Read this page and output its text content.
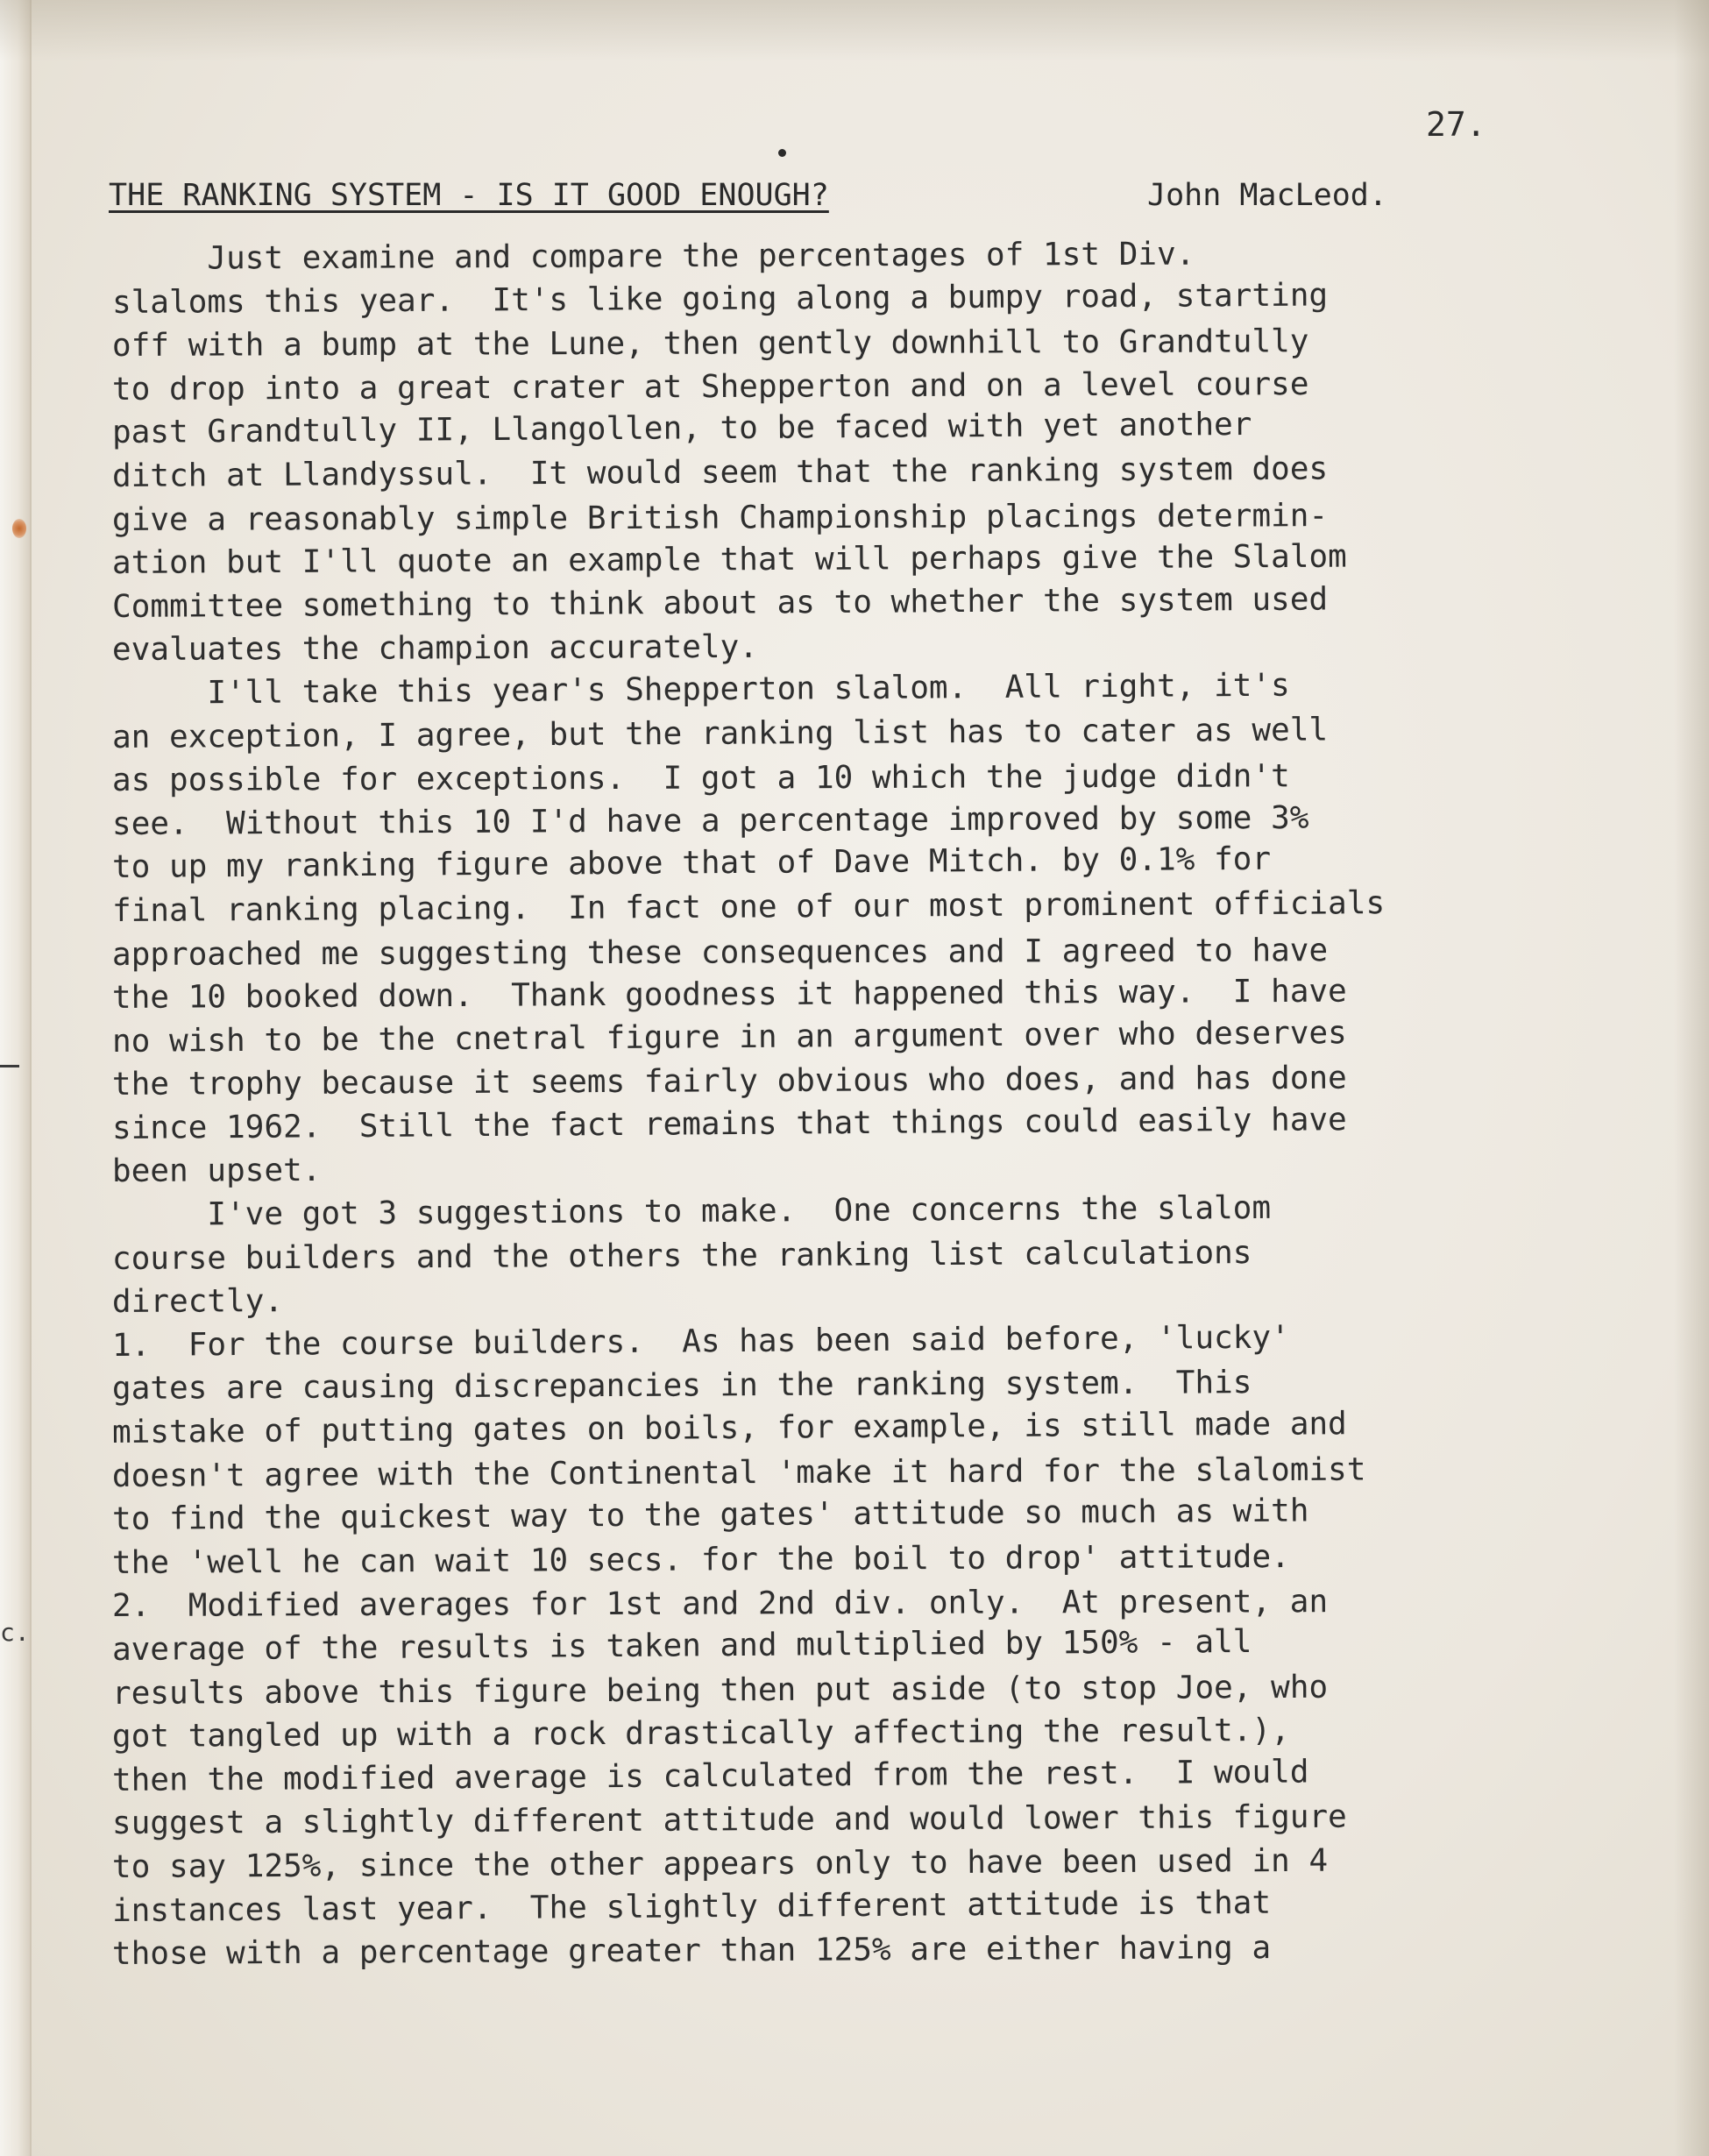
c.
27.
THE RANKING SYSTEM - IS IT GOOD ENOUGH?	John MacLeod.
Just examine and compare the percentages of 1st Div.
slaloms this year.  It's like going along a bumpy road, starting
off with a bump at the Lune, then gently downhill to Grandtully
to drop into a great crater at Shepperton and on a level course
past Grandtully II, Llangollen, to be faced with yet another
ditch at Llandyssul.  It would seem that the ranking system does
give a reasonably simple British Championship placings determin-
ation but I'll quote an example that will perhaps give the Slalom
Committee something to think about as to whether the system used
evaluates the champion accurately.
I'll take this year's Shepperton slalom.  All right, it's
an exception, I agree, but the ranking list has to cater as well
as possible for exceptions.  I got a 10 which the judge didn't
see.  Without this 10 I'd have a percentage improved by some 3%
to up my ranking figure above that of Dave Mitch. by 0.1% for
final ranking placing.  In fact one of our most prominent officials
approached me suggesting these consequences and I agreed to have
the 10 booked down.  Thank goodness it happened this way.  I have
no wish to be the cnetral figure in an argument over who deserves
the trophy because it seems fairly obvious who does, and has done
since 1962.  Still the fact remains that things could easily have
been upset.
I've got 3 suggestions to make.  One concerns the slalom
course builders and the others the ranking list calculations
directly.
1.  For the course builders.  As has been said before, 'lucky'
gates are causing discrepancies in the ranking system.  This
mistake of putting gates on boils, for example, is still made and
doesn't agree with the Continental 'make it hard for the slalomist
to find the quickest way to the gates' attitude so much as with
the 'well he can wait 10 secs. for the boil to drop' attitude.
2.  Modified averages for 1st and 2nd div. only.  At present, an
average of the results is taken and multiplied by 150% - all
results above this figure being then put aside (to stop Joe, who
got tangled up with a rock drastically affecting the result.),
then the modified average is calculated from the rest.  I would
suggest a slightly different attitude and would lower this figure
to say 125%, since the other appears only to have been used in 4
instances last year.  The slightly different attitude is that
those with a percentage greater than 125% are either having a
